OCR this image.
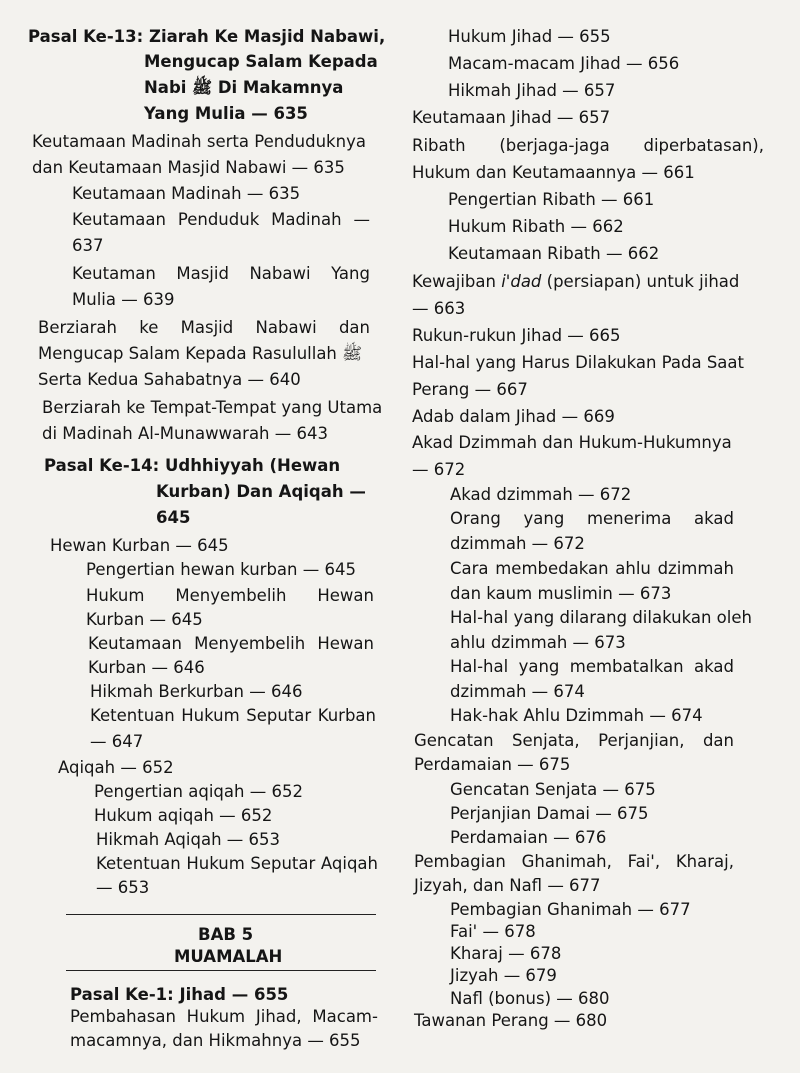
Pasal Ke-13: Ziarah Ke Masjid Nabawi,
Mengucap Salam Kepada
Nabi ﷺ Di Makamnya
Yang Mulia — 635
Keutamaan Madinah serta Penduduknya
dan Keutamaan Masjid Nabawi — 635
Keutamaan Madinah — 635
Keutamaan Penduduk Madinah —
637
Keutaman Masjid Nabawi Yang
Mulia — 639
Berziarah ke Masjid Nabawi dan
Mengucap Salam Kepada Rasulullah ﷺ
Serta Kedua Sahabatnya — 640
Berziarah ke Tempat-Tempat yang Utama
di Madinah Al-Munawwarah — 643
Pasal Ke-14: Udhhiyyah (Hewan
Kurban) Dan Aqiqah —
645
Hewan Kurban — 645
Pengertian hewan kurban — 645
Hukum Menyembelih Hewan
Kurban — 645
Keutamaan Menyembelih Hewan
Kurban — 646
Hikmah Berkurban — 646
Ketentuan Hukum Seputar Kurban
— 647
Aqiqah — 652
Pengertian aqiqah — 652
Hukum aqiqah — 652
Hikmah Aqiqah — 653
Ketentuan Hukum Seputar Aqiqah
— 653
BAB 5
MUAMALAH
Pasal Ke-1: Jihad — 655
Pembahasan Hukum Jihad, Macam-
macamnya, dan Hikmahnya — 655
Hukum Jihad — 655
Macam-macam Jihad — 656
Hikmah Jihad — 657
Keutamaan Jihad — 657
Ribath (berjaga-jaga diperbatasan),
Hukum dan Keutamaannya — 661
Pengertian Ribath — 661
Hukum Ribath — 662
Keutamaan Ribath — 662
Kewajiban i'dad (persiapan) untuk jihad
— 663
Rukun-rukun Jihad — 665
Hal-hal yang Harus Dilakukan Pada Saat
Perang — 667
Adab dalam Jihad — 669
Akad Dzimmah dan Hukum-Hukumnya
— 672
Akad dzimmah — 672
Orang yang menerima akad
dzimmah — 672
Cara membedakan ahlu dzimmah
dan kaum muslimin — 673
Hal-hal yang dilarang dilakukan oleh
ahlu dzimmah — 673
Hal-hal yang membatalkan akad
dzimmah — 674
Hak-hak Ahlu Dzimmah — 674
Gencatan Senjata, Perjanjian, dan
Perdamaian — 675
Gencatan Senjata — 675
Perjanjian Damai — 675
Perdamaian — 676
Pembagian Ghanimah, Fai', Kharaj,
Jizyah, dan Nafl — 677
Pembagian Ghanimah — 677
Fai' — 678
Kharaj — 678
Jizyah — 679
Nafl (bonus) — 680
Tawanan Perang — 680
